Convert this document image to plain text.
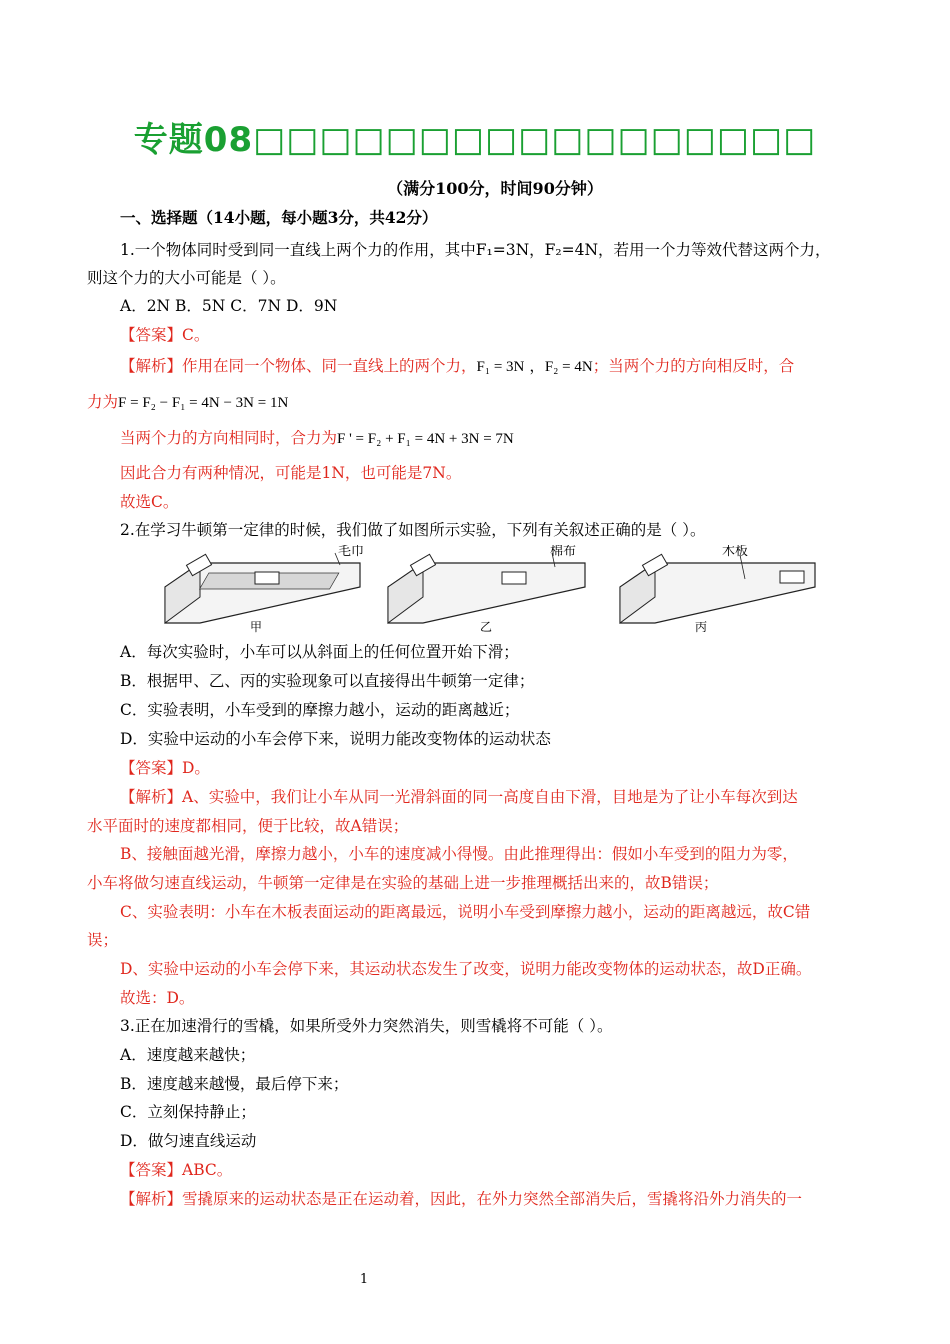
专题08□□□□□□□□□□□□□□□□□
（满分100分，时间90分钟）
一、选择题（14小题，每小题3分，共42分）
1.一个物体同时受到同一直线上两个力的作用，其中F₁=3N，F₂=4N，若用一个力等效代替这两个力，
则这个力的大小可能是（ ）。
A．2N B．5N C．7N D．9N
【答案】C。
【解析】作用在同一个物体、同一直线上的两个力，F₁ = 3N ，F₂ = 4N；当两个力的方向相反时，合
力为F = F₂ − F₁ = 4N − 3N = 1N
当两个力的方向相同时，合力为F ' = F₂ + F₁ = 4N + 3N = 7N
因此合力有两种情况，可能是1N，也可能是7N。
故选C。
2.在学习牛顿第一定律的时候，我们做了如图所示实验，下列有关叙述正确的是（ ）。
毛巾
甲
棉布
乙
木板
丙
A．每次实验时，小车可以从斜面上的任何位置开始下滑；
B．根据甲、乙、丙的实验现象可以直接得出牛顿第一定律；
C．实验表明，小车受到的摩擦力越小，运动的距离越近；
D．实验中运动的小车会停下来，说明力能改变物体的运动状态
【答案】D。
【解析】A、实验中，我们让小车从同一光滑斜面的同一高度自由下滑，目地是为了让小车每次到达
水平面时的速度都相同，便于比较，故A错误；
B、接触面越光滑，摩擦力越小，小车的速度减小得慢。由此推理得出：假如小车受到的阻力为零，
小车将做匀速直线运动，牛顿第一定律是在实验的基础上进一步推理概括出来的，故B错误；
C、实验表明：小车在木板表面运动的距离最远，说明小车受到摩擦力越小，运动的距离越远，故C错
误；
D、实验中运动的小车会停下来，其运动状态发生了改变，说明力能改变物体的运动状态，故D正确。
故选：D。
3.正在加速滑行的雪橇，如果所受外力突然消失，则雪橇将不可能（ ）。
A．速度越来越快；
B．速度越来越慢，最后停下来；
C．立刻保持静止；
D．做匀速直线运动
【答案】ABC。
【解析】雪撬原来的运动状态是正在运动着，因此，在外力突然全部消失后，雪撬将沿外力消失的一
1
